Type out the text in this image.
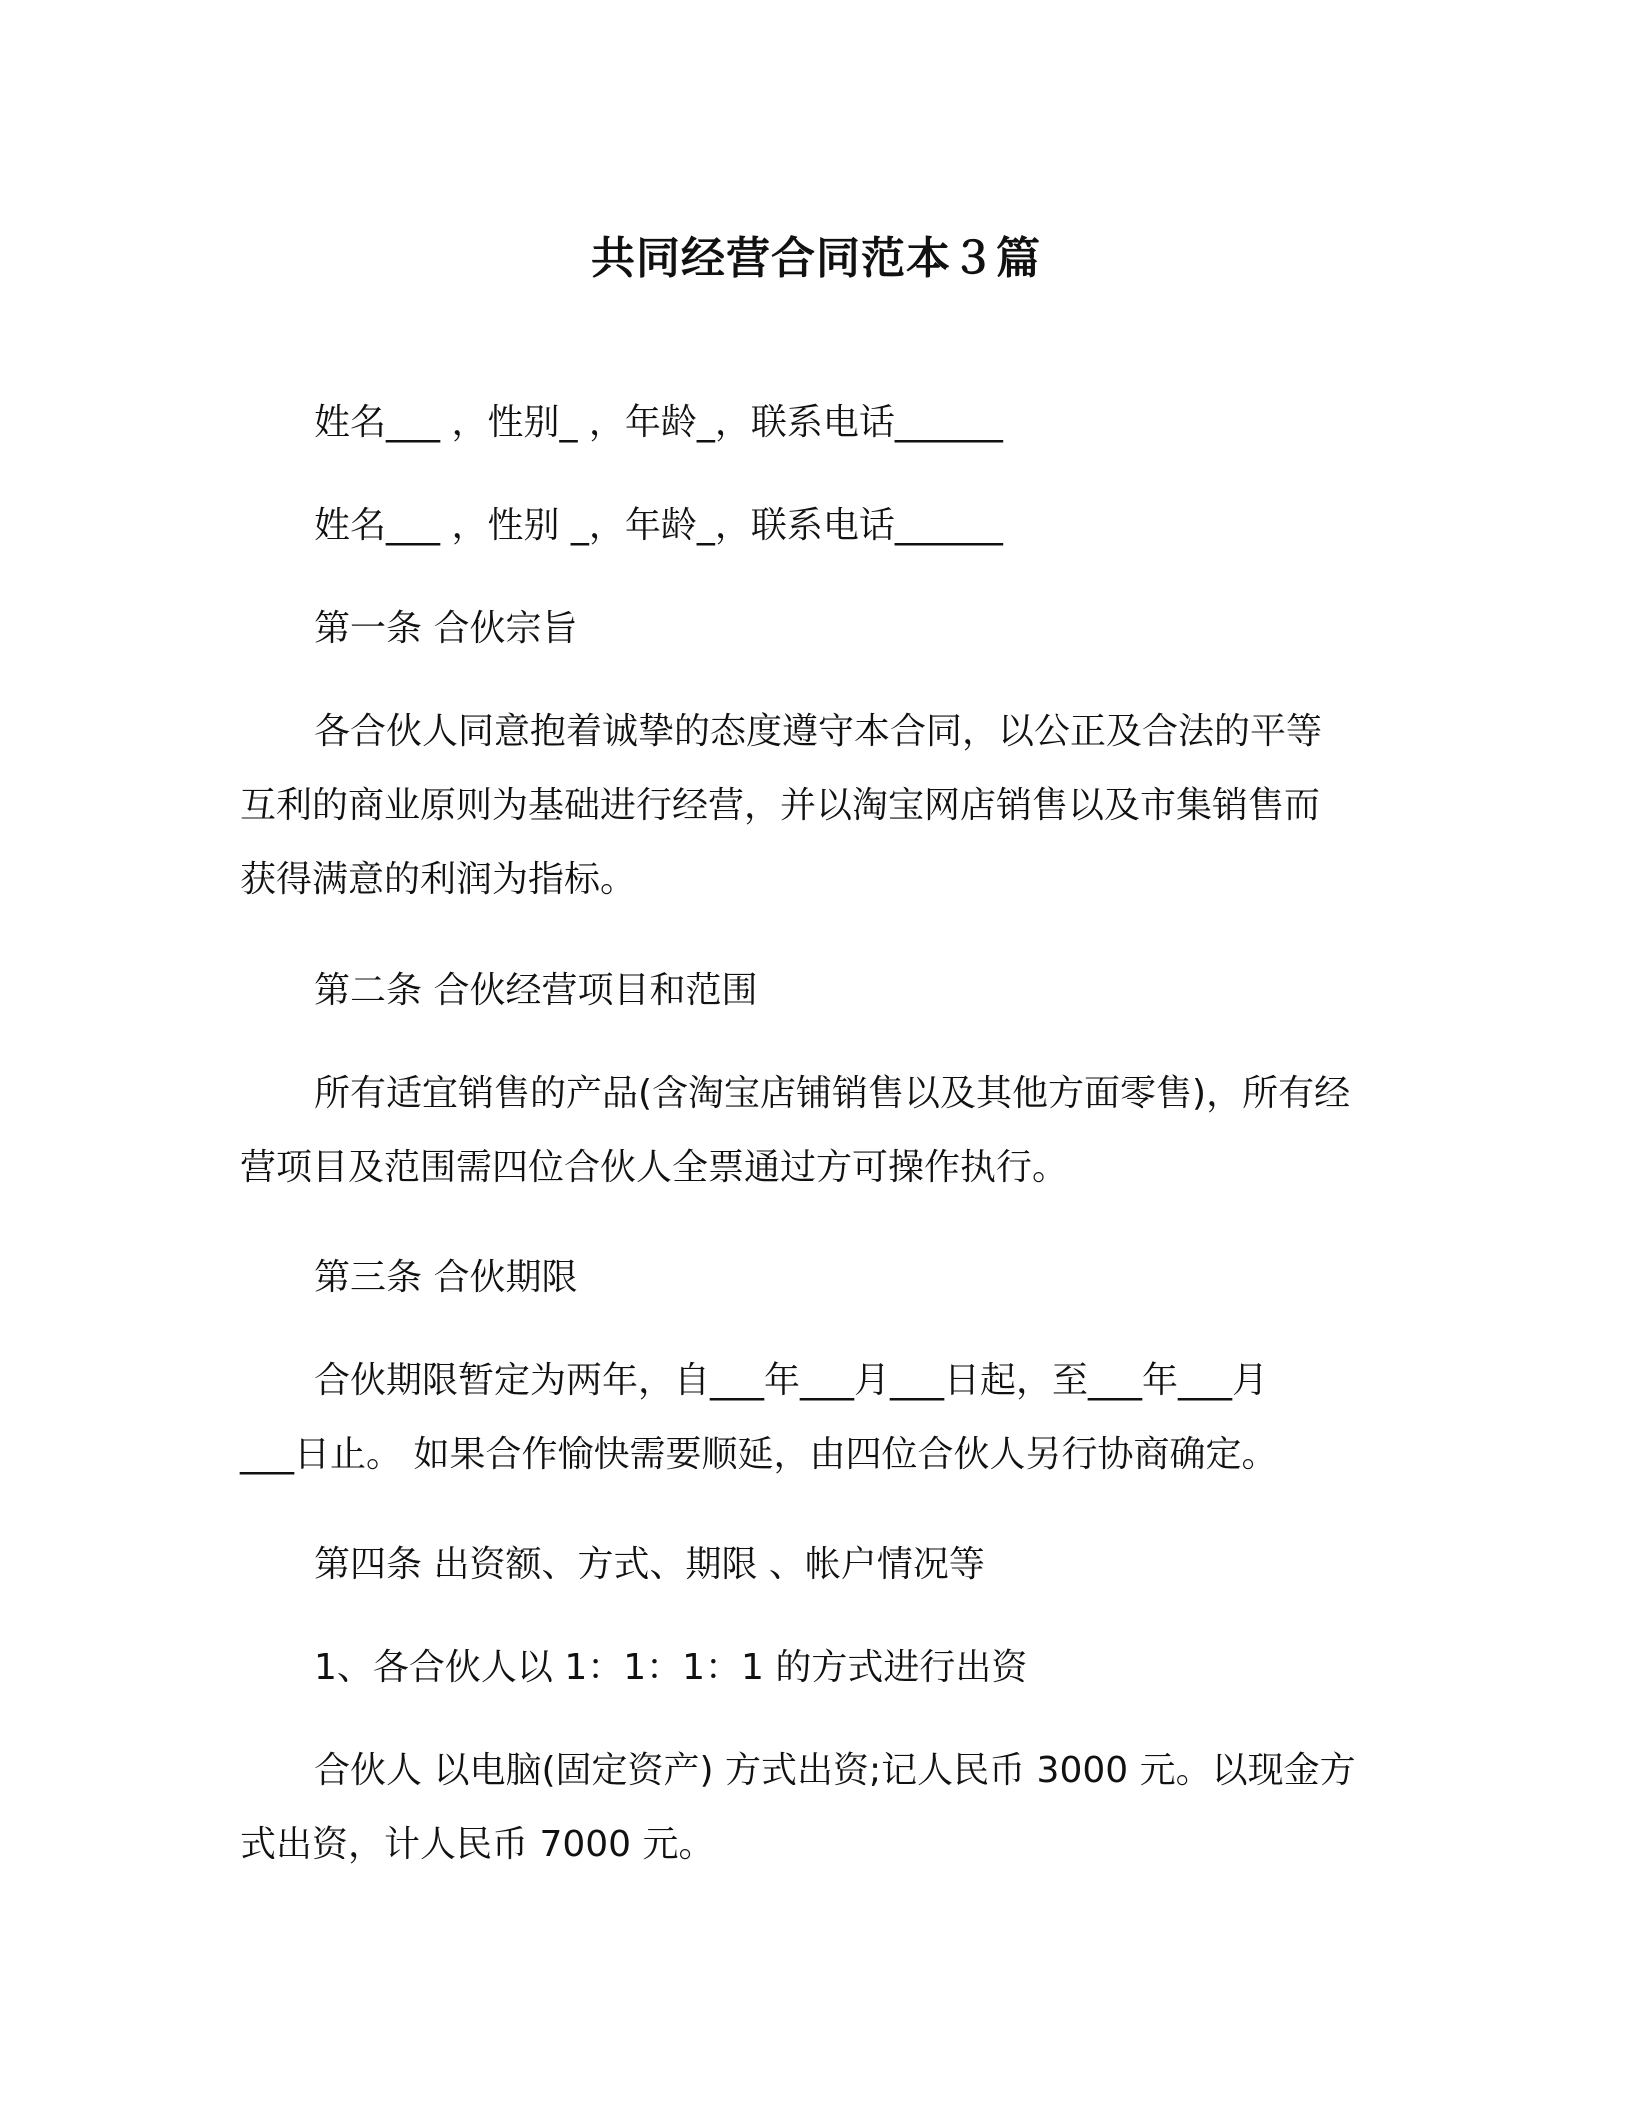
共同经营合同范本３篇
姓名___ ，性别_ ，年龄_，联系电话______
姓名___ ，性别 _，年龄_，联系电话______
第一条 合伙宗旨
各合伙人同意抱着诚挚的态度遵守本合同，以公正及合法的平等
互利的商业原则为基础进行经营，并以淘宝网店销售以及市集销售而
获得满意的利润为指标。
第二条 合伙经营项目和范围
所有适宜销售的产品(含淘宝店铺销售以及其他方面零售)，所有经
营项目及范围需四位合伙人全票通过方可操作执行。
第三条 合伙期限
合伙期限暂定为两年，自___年___月___日起，至___年___月
___日止。 如果合作愉快需要顺延，由四位合伙人另行协商确定。
第四条 出资额、方式、期限 、帐户情况等
1、各合伙人以 1：1：1：1 的方式进行出资
合伙人 以电脑(固定资产) 方式出资;记人民币 3000 元。以现金方
式出资，计人民币 7000 元。
